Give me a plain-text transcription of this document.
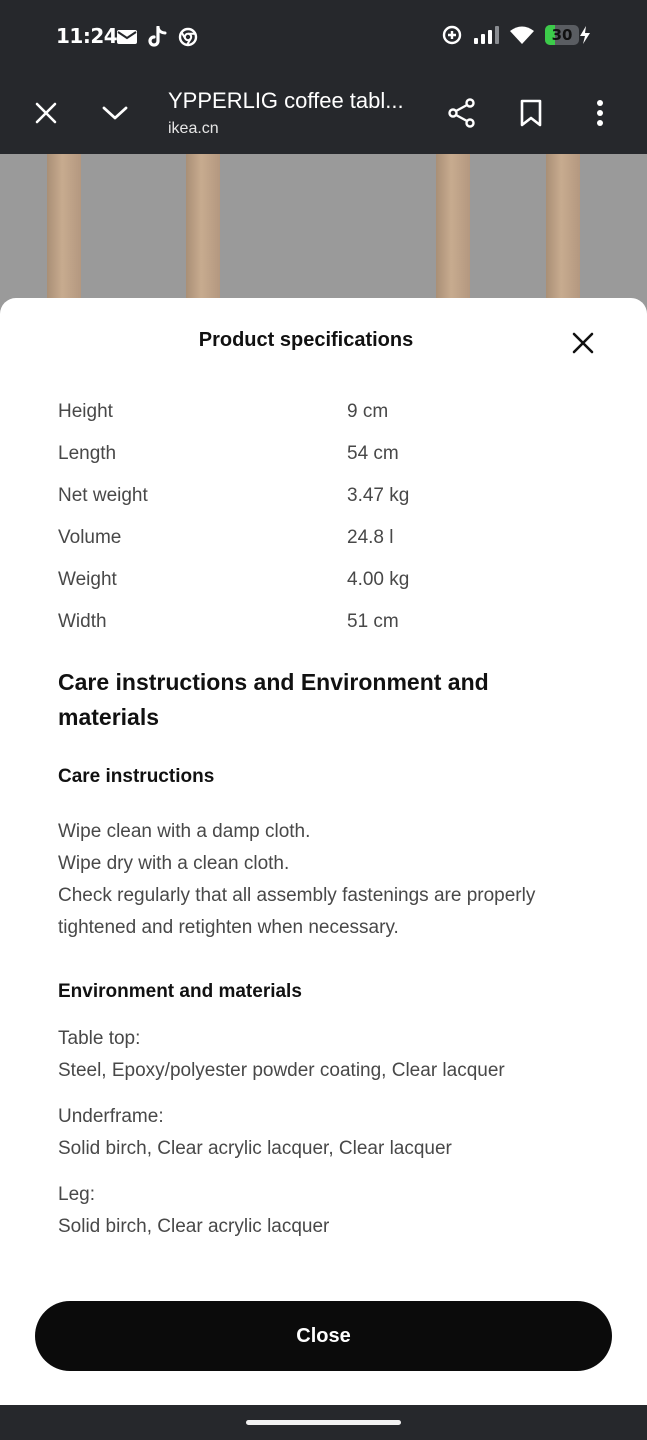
11:24	30
YPPERLIG coffee tabl...
ikea.cn
Product specifications
Height	9 cm
Length	54 cm
Net weight	3.47 kg
Volume	24.8 l
Weight	4.00 kg
Width	51 cm
Care instructions and Environment and materials
Care instructions

Wipe clean with a damp cloth.

Wipe dry with a clean cloth.

Check regularly that all assembly fastenings are properly tightened and retighten when necessary.

Environment and materials

Table top:

Steel, Epoxy/polyester powder coating, Clear lacquer

Underframe:

Solid birch, Clear acrylic lacquer, Clear lacquer

Leg:

Solid birch, Clear acrylic lacquer

Close
